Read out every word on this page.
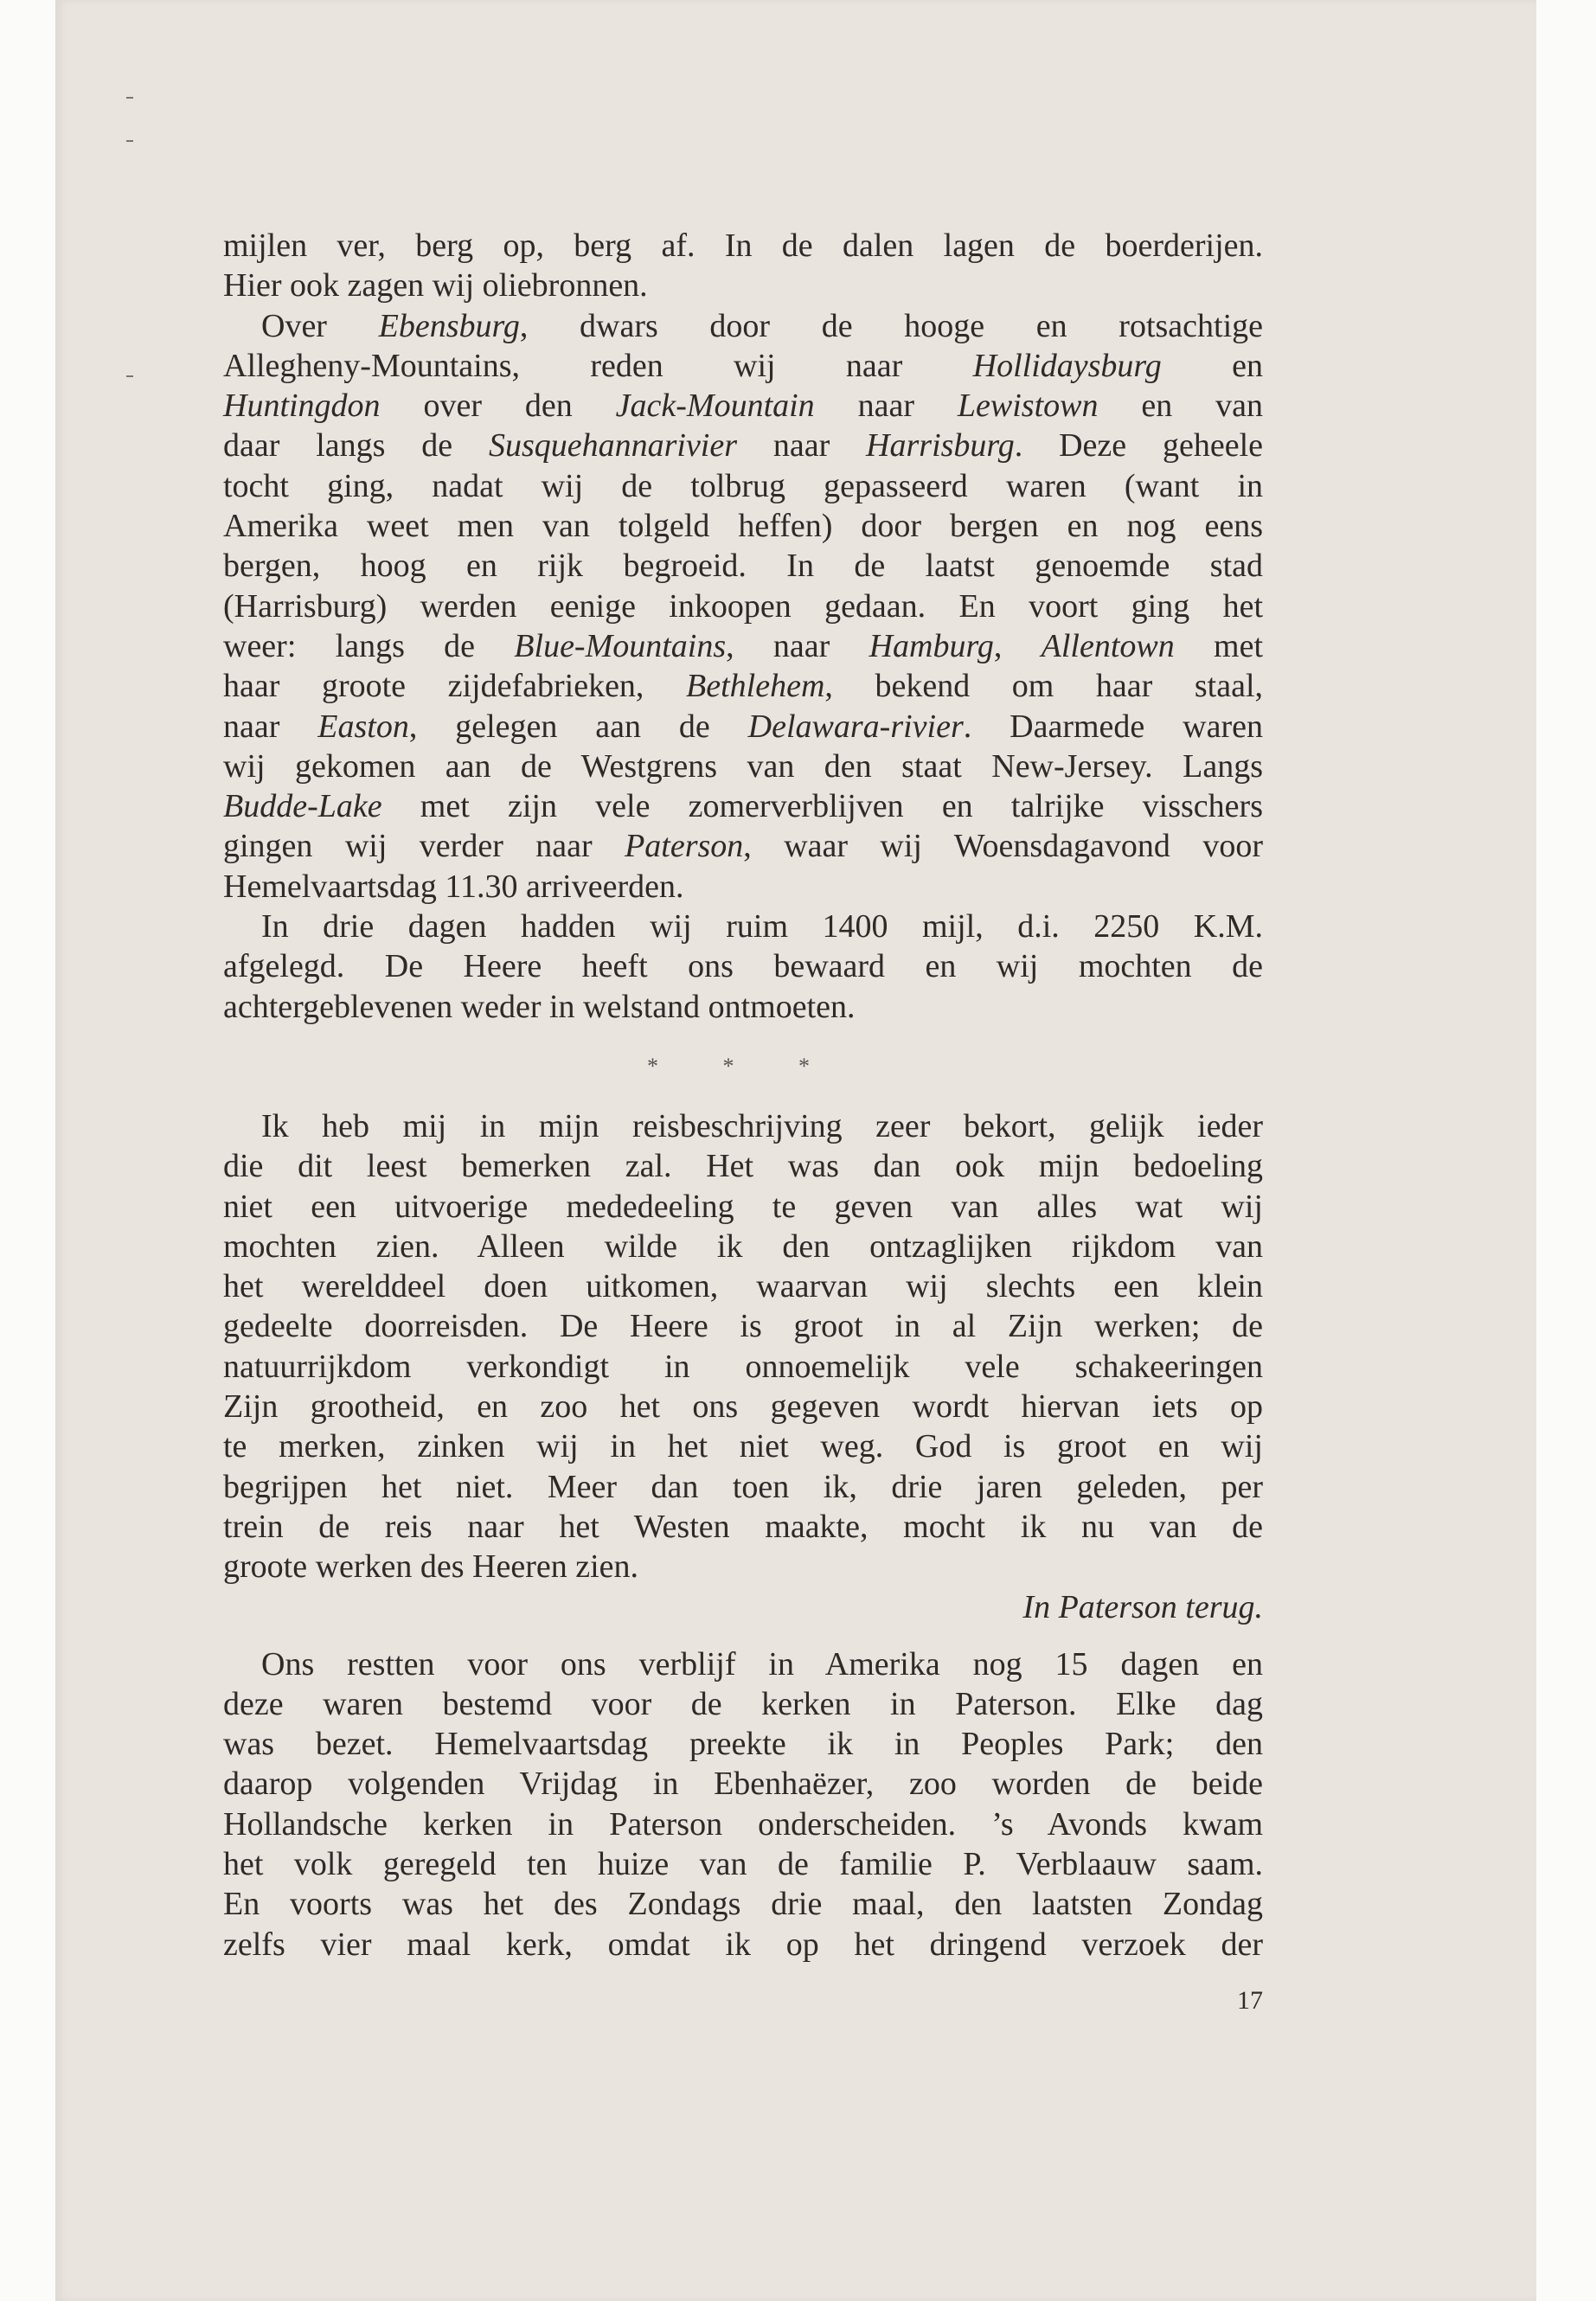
mijlen ver, berg op, berg af. In de dalen lagen de boerderijen.
Hier ook zagen wij oliebronnen.
Over Ebensburg, dwars door de hooge en rotsachtige
Allegheny-Mountains, reden wij naar Hollidaysburg en
Huntingdon over den Jack-Mountain naar Lewistown en van
daar langs de Susquehannarivier naar Harrisburg. Deze geheele
tocht ging, nadat wij de tolbrug gepasseerd waren (want in
Amerika weet men van tolgeld heffen) door bergen en nog eens
bergen, hoog en rijk begroeid. In de laatst genoemde stad
(Harrisburg) werden eenige inkoopen gedaan. En voort ging het
weer: langs de Blue-Mountains, naar Hamburg, Allentown met
haar groote zijdefabrieken, Bethlehem, bekend om haar staal,
naar Easton, gelegen aan de Delawara-rivier. Daarmede waren
wij gekomen aan de Westgrens van den staat New-Jersey. Langs
Budde-Lake met zijn vele zomerverblijven en talrijke visschers
gingen wij verder naar Paterson, waar wij Woensdagavond voor
Hemelvaartsdag 11.30 arriveerden.
In drie dagen hadden wij ruim 1400 mijl, d.i. 2250 K.M.
afgelegd. De Heere heeft ons bewaard en wij mochten de
achtergeblevenen weder in welstand ontmoeten.
* * *
Ik heb mij in mijn reisbeschrijving zeer bekort, gelijk ieder
die dit leest bemerken zal. Het was dan ook mijn bedoeling
niet een uitvoerige mededeeling te geven van alles wat wij
mochten zien. Alleen wilde ik den ontzaglijken rijkdom van
het werelddeel doen uitkomen, waarvan wij slechts een klein
gedeelte doorreisden. De Heere is groot in al Zijn werken; de
natuurrijkdom verkondigt in onnoemelijk vele schakeeringen
Zijn grootheid, en zoo het ons gegeven wordt hiervan iets op
te merken, zinken wij in het niet weg. God is groot en wij
begrijpen het niet. Meer dan toen ik, drie jaren geleden, per
trein de reis naar het Westen maakte, mocht ik nu van de
groote werken des Heeren zien.
In Paterson terug.
Ons restten voor ons verblijf in Amerika nog 15 dagen en
deze waren bestemd voor de kerken in Paterson. Elke dag
was bezet. Hemelvaartsdag preekte ik in Peoples Park; den
daarop volgenden Vrijdag in Ebenhaëzer, zoo worden de beide
Hollandsche kerken in Paterson onderscheiden. ’s Avonds kwam
het volk geregeld ten huize van de familie P. Verblaauw saam.
En voorts was het des Zondags drie maal, den laatsten Zondag
zelfs vier maal kerk, omdat ik op het dringend verzoek der
17
